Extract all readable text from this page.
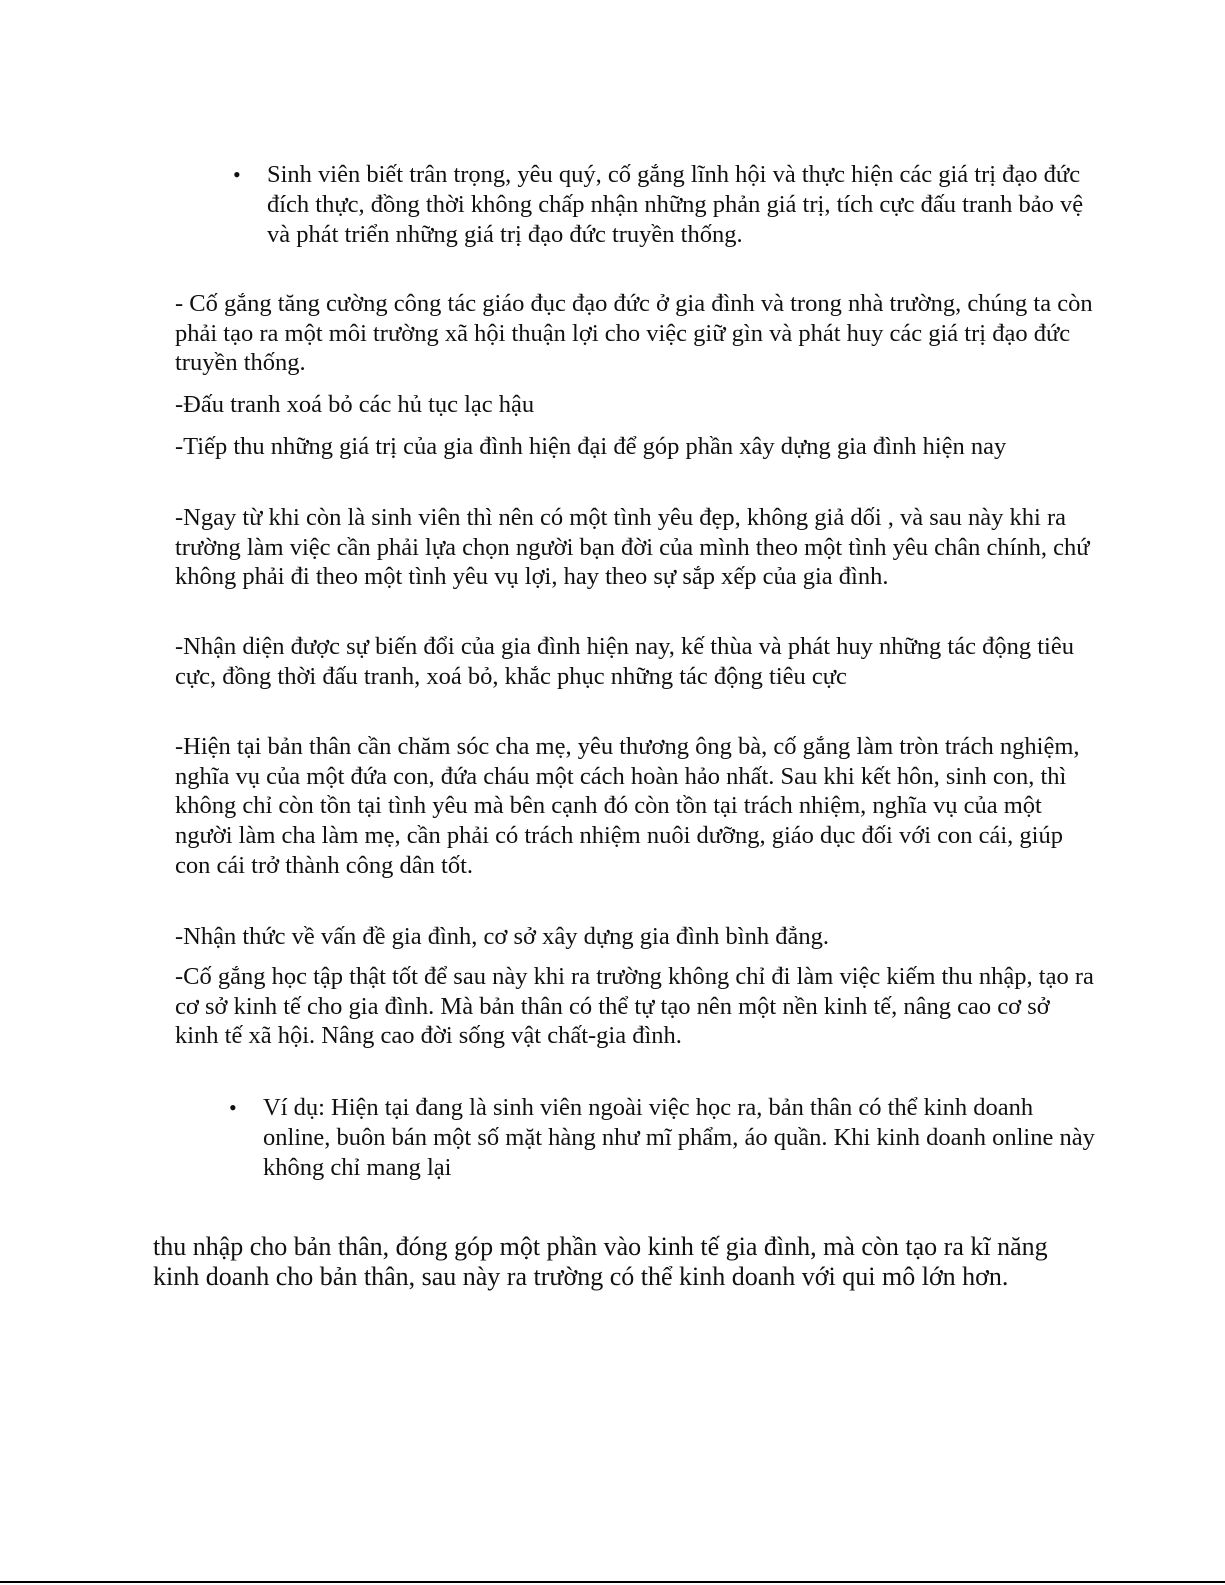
•	Sinh viên biết trân trọng, yêu quý, cố gắng lĩnh hội và thực hiện các giá trị đạo đức đích thực, đồng thời không chấp nhận những phản giá trị, tích cực đấu tranh bảo vệ và phát triển những giá trị đạo đức truyền thống.

- Cố gắng tăng cường công tác giáo đục đạo đức ở gia đình và trong nhà trường, chúng ta còn phải tạo ra một môi trường xã hội thuận lợi cho việc giữ gìn và phát huy các giá trị đạo đức truyền thống.

-Đấu tranh xoá bỏ các hủ tục lạc hậu

-Tiếp thu những giá trị của gia đình hiện đại để góp phần xây dựng gia đình hiện nay

-Ngay từ khi còn là sinh viên thì nên có một tình yêu đẹp, không giả dối , và sau này khi ra trường làm việc cần phải lựa chọn người bạn đời của mình theo một tình yêu chân chính, chứ không phải đi theo một tình yêu vụ lợi, hay theo sự sắp xếp của gia đình.

-Nhận diện được sự biến đổi của gia đình hiện nay, kế thùa và phát huy những tác động tiêu cực, đồng thời đấu tranh, xoá bỏ, khắc phục những tác động tiêu cực

-Hiện tại bản thân cần chăm sóc cha mẹ, yêu thương ông bà, cố gắng làm tròn trách nghiệm, nghĩa vụ của một đứa con, đứa cháu một cách hoàn hảo nhất. Sau khi kết hôn, sinh con, thì không chỉ còn tồn tại tình yêu mà bên cạnh đó còn tồn tại trách nhiệm, nghĩa vụ của một người làm cha làm mẹ, cần phải có trách nhiệm nuôi dưỡng, giáo dục đối với con cái, giúp con cái trở thành công dân tốt.

-Nhận thức về vấn đề gia đình, cơ sở xây dựng gia đình bình đẳng.

-Cố gắng học tập thật tốt để sau này khi ra trường không chỉ đi làm việc kiếm thu nhập, tạo ra cơ sở kinh tế cho gia đình. Mà bản thân có thể tự tạo nên một nền kinh tế, nâng cao cơ sở kinh tế xã hội. Nâng cao đời sống vật chất-gia đình.

•	Ví dụ: Hiện tại đang là sinh viên ngoài việc học ra, bản thân có thể kinh doanh online, buôn bán một số mặt hàng như mĩ phẩm, áo quần. Khi kinh doanh online này không chỉ mang lại

thu nhập cho bản thân, đóng góp một phần vào kinh tế gia đình, mà còn tạo ra kĩ năng kinh doanh cho bản thân, sau này ra trường có thể kinh doanh với qui mô lớn hơn.
